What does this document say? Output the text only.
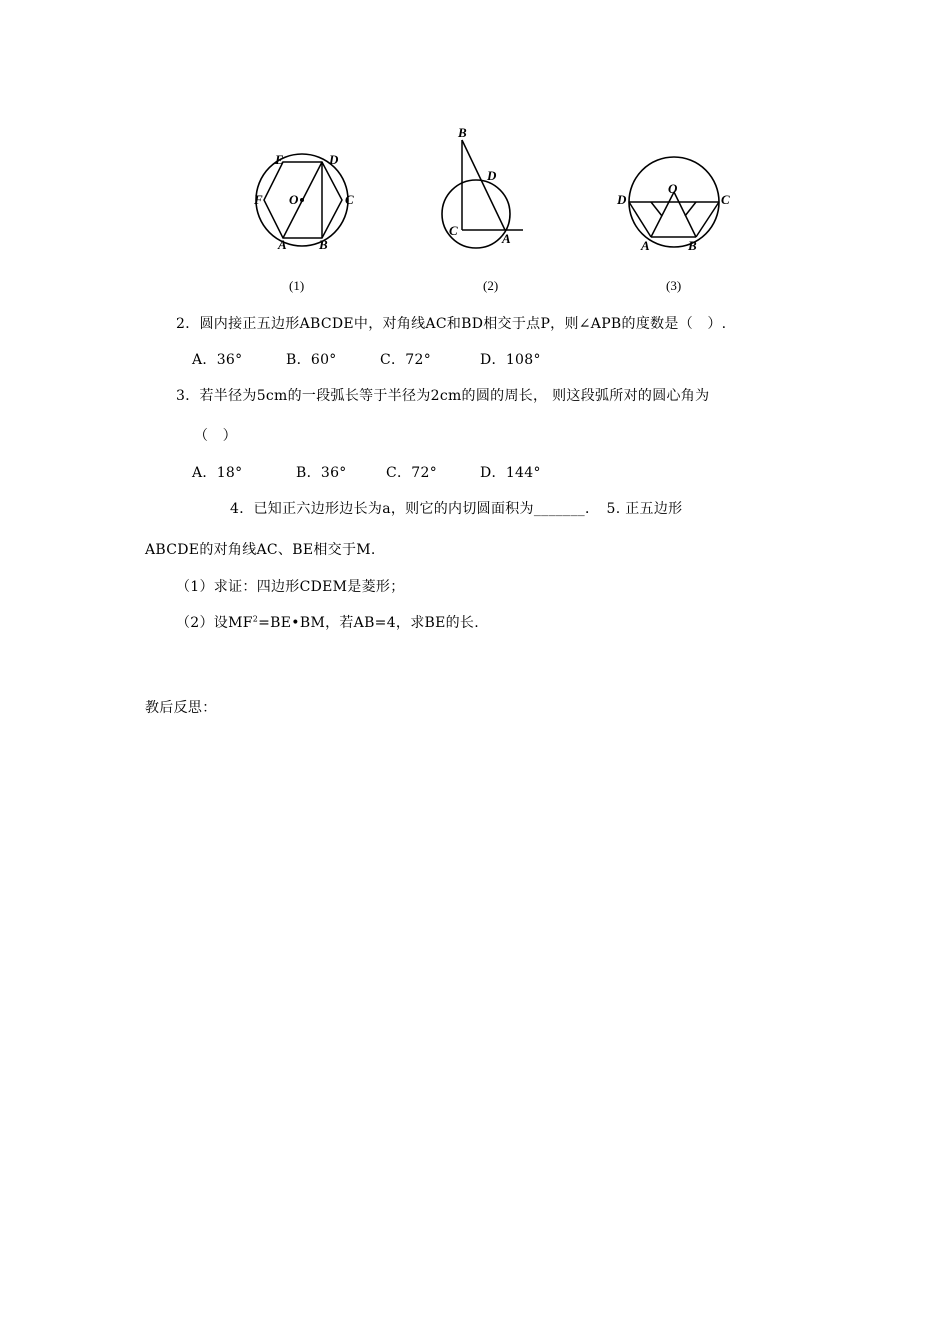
E	D
F O	C
A B
B
D
C
A
O
D	C
A	B
(1)	(2)	(3)
2．圆内接正五边形ABCDE中，对角线AC和BD相交于点P，则∠APB的度数是（　）.
A．36°	B．60°	C．72°	D．108°
3．若半径为5cm的一段弧长等于半径为2cm的圆的周长， 则这段弧所对的圆心角为
（　）
A．18°	B．36°	C．72°	D．144°
4．已知正六边形边长为a，则它的内切圆面积为_______．　5. 正五边形
ABCDE的对角线AC、BE相交于M.
（1）求证：四边形CDEM是菱形；
（2）设$MF^2=BE•BM$，若AB=4，求BE的长.
教后反思：
